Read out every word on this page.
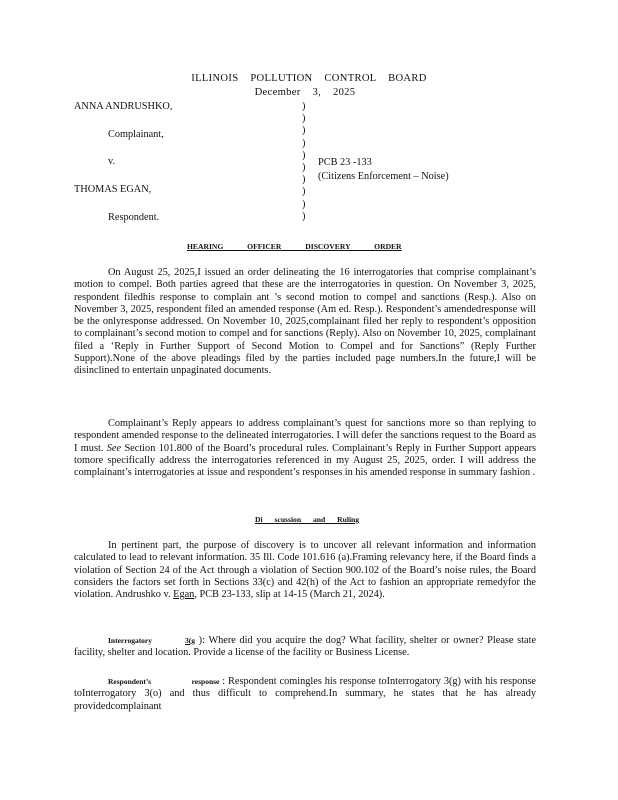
ILLINOIS POLLUTION CONTROL BOARD
December 3, 2025
ANNA ANDRUSHKO,
Complainant,
v.
THOMAS EGAN,
Respondent.
)
)
)
)
)
)
)
)
)
)
PCB 23 -133
(Citizens Enforcement – Noise)
HEARING OFFICER DISCOVERY ORDER

On August 25, 2025,I issued an order delineating the 16 interrogatories that comprise complainant’s motion to compel. Both parties agreed that these are the interrogatories in question. On November 3, 2025, respondent filedhis response to complain ant ’s second motion to compel and sanctions (Resp.). Also on November 3, 2025, respondent filed an amended response (Am ed. Resp.). Respondent’s amendedresponse will be the onlyresponse addressed. On November 10, 2025,complainant filed her reply to respondent’s opposition to complainant’s second motion to compel and for sanctions (Reply). Also on November 10, 2025, complainant filed a ‘Reply in Further Support of Second Motion to Compel and for Sanctions” (Reply Further Support).None of the above pleadings filed by the parties included page numbers.In the future,I will be disinclined to entertain unpaginated documents.

Complainant’s Reply appears to address complainant’s quest for sanctions more so than replying to respondent amended response to the delineated interrogatories. I will defer the sanctions request to the Board as I must. See Section 101.800 of the Board’s procedural rules. Complainant’s Reply in Further Support appears tomore specifically address the interrogatories referenced in my August 25, 2025, order. I will address the complainant’s interrogatories at issue and respondent’s responses in his amended response in summary fashion .

Di scussion and Ruling

In pertinent part, the purpose of discovery is to uncover all relevant information and information calculated to lead to relevant information. 35 Ill. Code 101.616 (a).Framing relevancy here, if the Board finds a violation of Section 24 of the Act through a violation of Section 900.102 of the Board’s noise rules, the Board considers the factors set forth in Sections 33(c) and 42(h) of the Act to fashion an appropriate remedyfor the violation. Andrushko v. Egan, PCB 23-133, slip at 14-15 (March 21, 2024).

Interrogatory	3(g ): Where did you acquire the dog? What facility, shelter or owner? Please state facility, shelter and location. Provide a license of the facility or Business License.

Respondent’s	response : Respondent comingles his response toInterrogatory 3(g) with his response toInterrogatory 3(o) and thus difficult to comprehend.In summary, he states that he has already providedcomplainant
